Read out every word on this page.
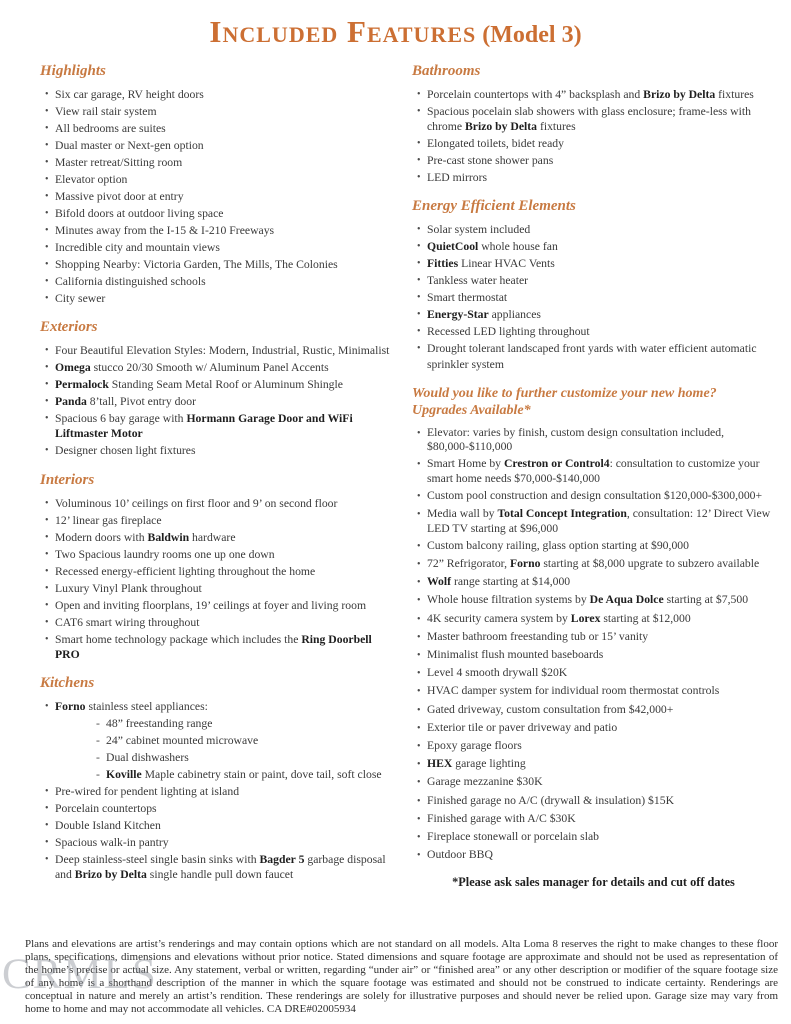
Included Features (Model 3)
Highlights
• Six car garage, RV height doors
• View rail stair system
• All bedrooms are suites
• Dual master or Next-gen option
• Master retreat/Sitting room
• Elevator option
• Massive pivot door at entry
• Bifold doors at outdoor living space
• Minutes away from the I-15 & I-210 Freeways
• Incredible city and mountain views
• Shopping Nearby: Victoria Garden, The Mills, The Colonies
• California distinguished schools
• City sewer
Exteriors
• Four Beautiful Elevation Styles: Modern, Industrial, Rustic, Minimalist
• Omega stucco 20/30 Smooth w/ Aluminum Panel Accents
• Permalock Standing Seam Metal Roof or Aluminum Shingle
• Panda 8’tall, Pivot entry door
• Spacious 6 bay garage with Hormann Garage Door and WiFi Liftmaster Motor
• Designer chosen light fixtures
Interiors
• Voluminous 10’ ceilings on first floor and 9’ on second floor
• 12’ linear gas fireplace
• Modern doors with Baldwin hardware
• Two Spacious laundry rooms one up one down
• Recessed energy-efficient lighting throughout the home
• Luxury Vinyl Plank throughout
• Open and inviting floorplans, 19’ ceilings at foyer and living room
• CAT6 smart wiring throughout
• Smart home technology package which includes the Ring Doorbell PRO
Kitchens
• Forno stainless steel appliances:
- 48” freestanding range
- 24” cabinet mounted microwave
- Dual dishwashers
- Koville Maple cabinetry stain or paint, dove tail, soft close
• Pre-wired for pendent lighting at island
• Porcelain countertops
• Double Island Kitchen
• Spacious walk-in pantry
• Deep stainless-steel single basin sinks with Bagder 5 garbage disposal and Brizo by Delta single handle pull down faucet
Bathrooms
• Porcelain countertops with 4” backsplash and Brizo by Delta fixtures
• Spacious pocelain slab showers with glass enclosure; frame-less with chrome Brizo by Delta fixtures
• Elongated toilets, bidet ready
• Pre-cast stone shower pans
• LED mirrors
Energy Efficient Elements
• Solar system included
• QuietCool whole house fan
• Fitties Linear HVAC Vents
• Tankless water heater
• Smart thermostat
• Energy-Star appliances
• Recessed LED lighting throughout
• Drought tolerant landscaped front yards with water efficient automatic sprinkler system
Would you like to further customize your new home?
Upgrades Available*
• Elevator: varies by finish, custom design consultation included, $80,000-$110,000
• Smart Home by Crestron or Control4: consultation to customize your smart home needs $70,000-$140,000
• Custom pool construction and design consultation $120,000-$300,000+
• Media wall by Total Concept Integration, consultation: 12’ Direct View LED TV starting at $96,000
• Custom balcony railing, glass option starting at $90,000
• 72” Refrigorator, Forno starting at $8,000 upgrate to subzero available
• Wolf range starting at $14,000
• Whole house filtration systems by De Aqua Dolce starting at $7,500
• 4K security camera system by Lorex starting at $12,000
• Master bathroom freestanding tub or 15’ vanity
• Minimalist flush mounted baseboards
• Level 4 smooth drywall $20K
• HVAC damper system for individual room thermostat controls
• Gated driveway, custom consultation from $42,000+
• Exterior tile or paver driveway and patio
• Epoxy garage floors
• HEX garage lighting
• Garage mezzanine $30K
• Finished garage no A/C (drywall & insulation) $15K
• Finished garage with A/C $30K
• Fireplace stonewall or porcelain slab
• Outdoor BBQ
*Please ask sales manager for details and cut off dates
Plans and elevations are artist’s renderings and may contain options which are not standard on all models. Alta Loma 8 reserves the right to make changes to these floor plans, specifications, dimensions and elevations without prior notice. Stated dimensions and square footage are approximate and should not be used as representation of the home’s precise or actual size. Any statement, verbal or written, regarding “under air” or “finished area” or any other description or modifier of the square footage size of any home is a shorthand description of the manner in which the square footage was estimated and should not be construed to indicate certainty. Renderings are conceptual in nature and merely an artist’s rendition. These renderings are solely for illustrative purposes and should never be relied upon. Garage size may vary from home to home and may not accommodate all vehicles. CA DRE#02005934
CRMLS
